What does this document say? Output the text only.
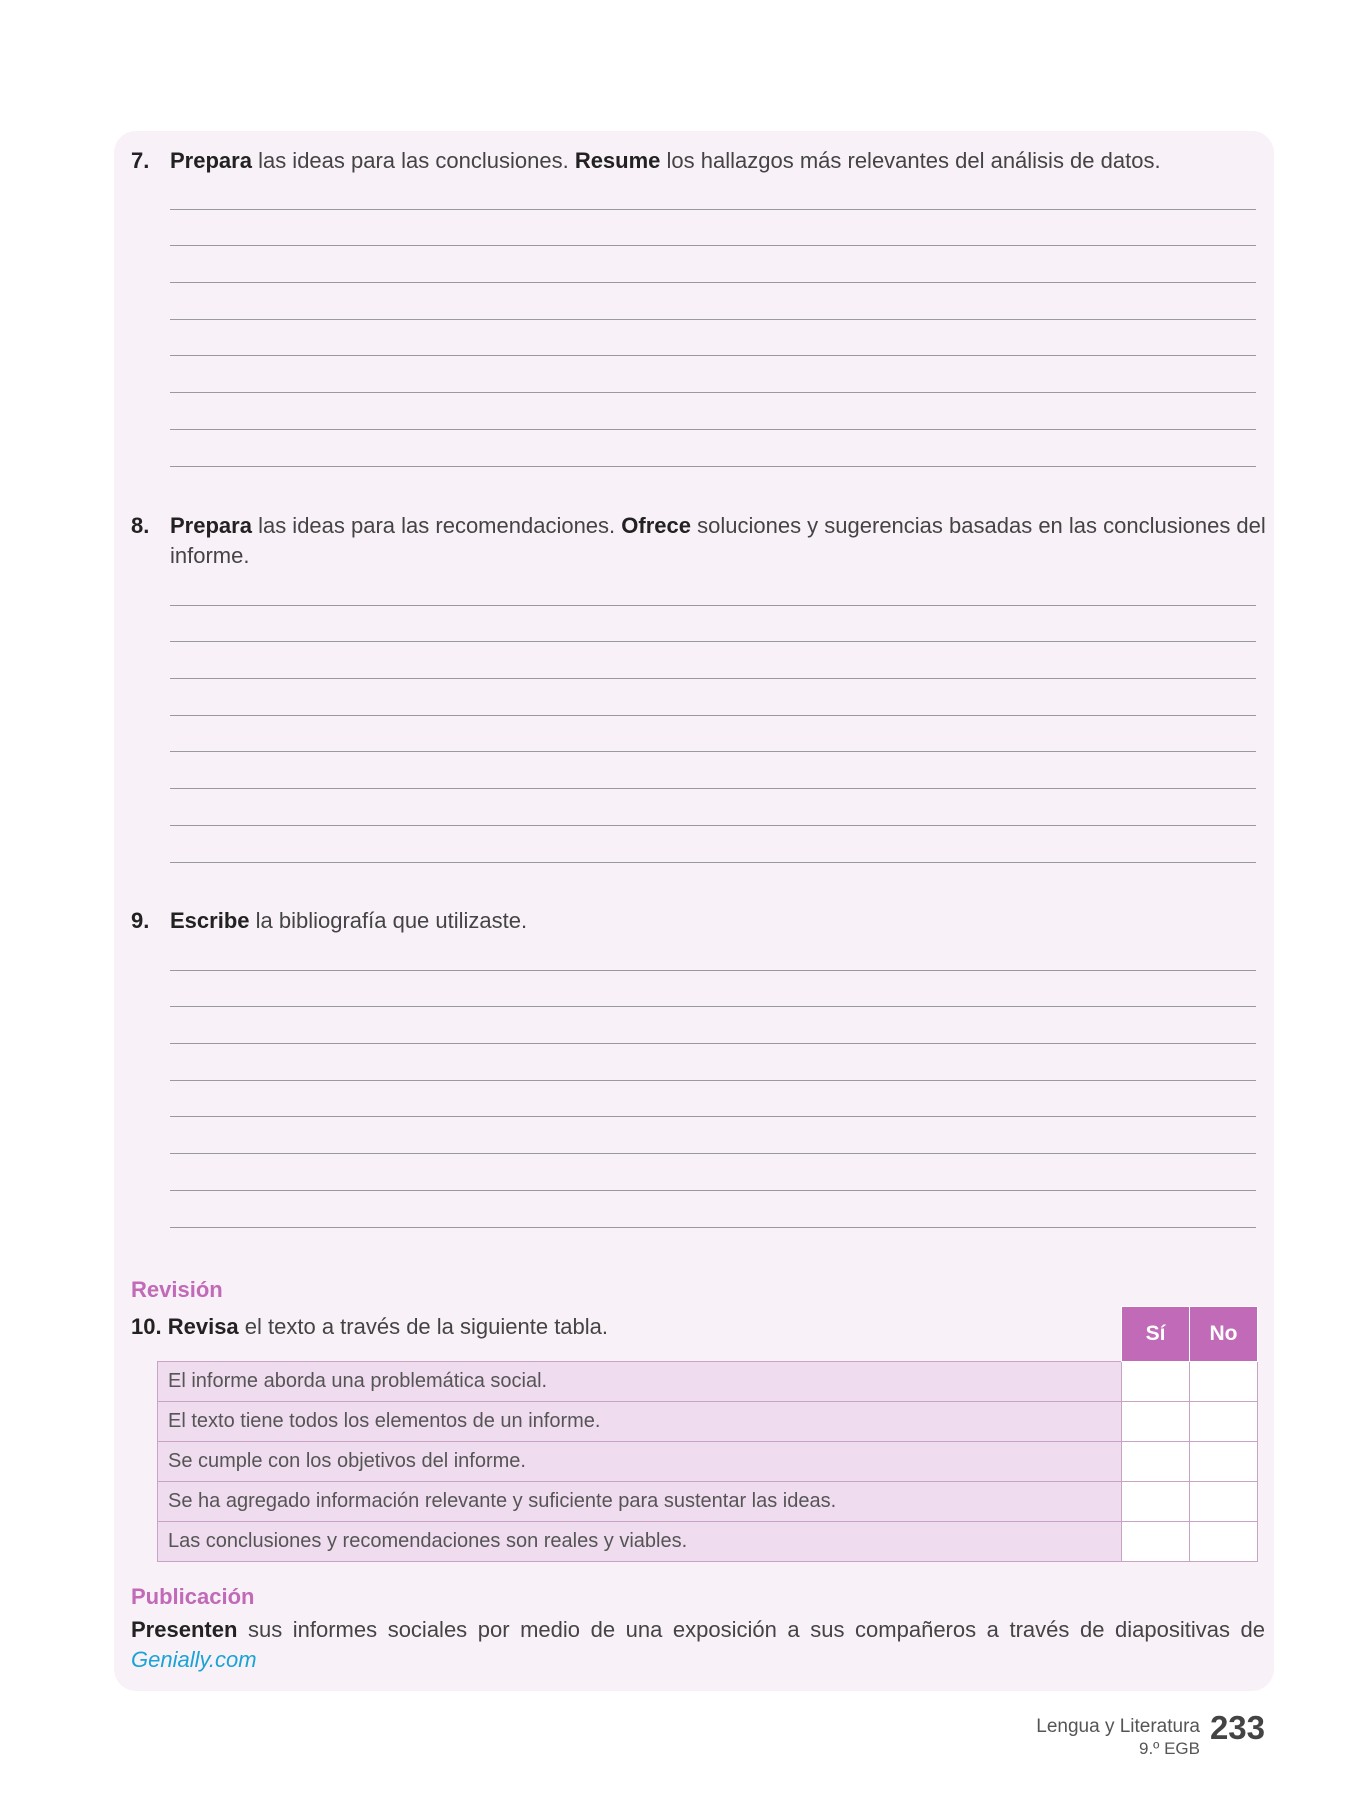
7. Prepara las ideas para las conclusiones. Resume los hallazgos más relevantes del análisis de datos.
8. Prepara las ideas para las recomendaciones. Ofrece soluciones y sugerencias basadas en las conclusiones del informe.
9. Escribe la bibliografía que utilizaste.
Revisión
10. Revisa el texto a través de la siguiente tabla.
		Sí	No
El informe aborda una problemática social.		
El texto tiene todos los elementos de un informe.		
Se cumple con los objetivos del informe.		
Se ha agregado información relevante y suficiente para sustentar las ideas.		
Las conclusiones y recomendaciones son reales y viables.		
Publicación
Presenten sus informes sociales por medio de una exposición a sus compañeros a través de diapositivas de
Genially.com
Lengua y Literatura
9.º EGB
233
